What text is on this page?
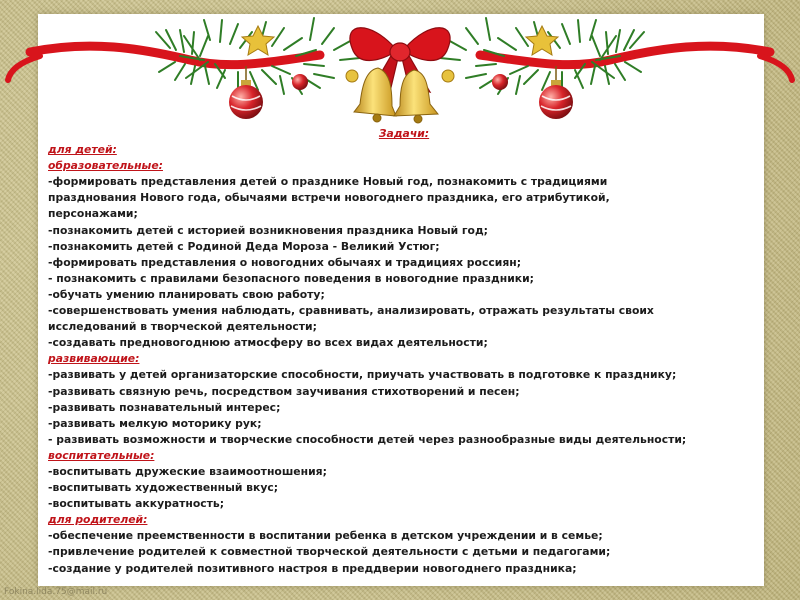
Задачи:
для детей:
образовательные:
-формировать представления детей о празднике Новый год, познакомить с традициями
празднования Нового года, обычаями встречи новогоднего праздника, его атрибутикой,
персонажами;
-познакомить детей с историей возникновения праздника Новый год;
-познакомить детей с Родиной Деда Мороза - Великий Устюг;
-формировать представления о новогодних обычаях и традициях россиян;
- познакомить с правилами безопасного поведения в новогодние праздники;
-обучать умению планировать свою работу;
-совершенствовать умения наблюдать, сравнивать, анализировать, отражать результаты своих
исследований в творческой деятельности;
-создавать предновогоднюю атмосферу во всех видах деятельности;
развивающие:
-развивать у детей организаторские способности, приучать участвовать в подготовке к празднику;
-развивать связную речь, посредством заучивания стихотворений и песен;
-развивать познавательный интерес;
-развивать мелкую моторику рук;
- развивать возможности и творческие способности детей через разнообразные виды деятельности;
воспитательные:
-воспитывать дружеские взаимоотношения;
-воспитывать художественный вкус;
-воспитывать аккуратность;
для родителей:
-обеспечение преемственности в воспитании ребенка в детском учреждении и в семье;
-привлечение родителей к совместной творческой деятельности с детьми и педагогами;
-создание у родителей позитивного настроя в преддверии новогоднего праздника;
Fokina.lida.75@mail.ru
